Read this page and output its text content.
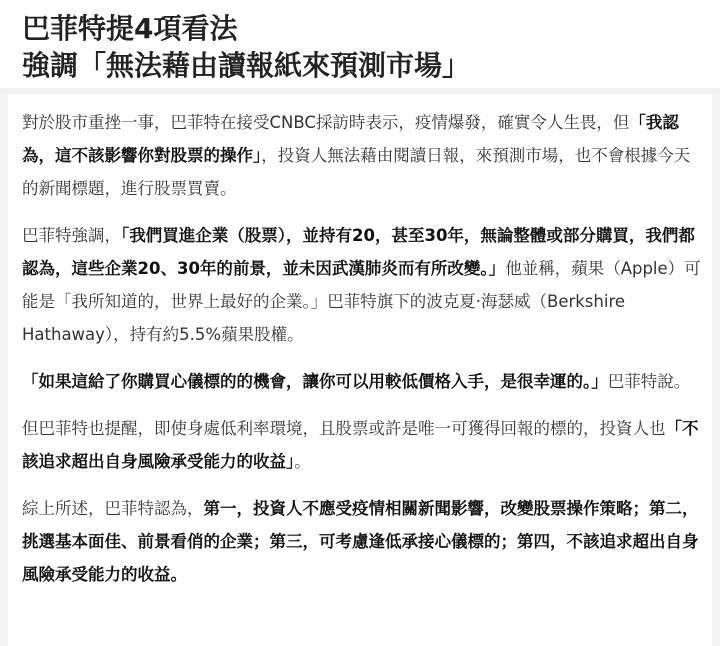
巴菲特提4項看法強調「無法藉由讀報紙來預測市場」

對於股市重挫一事，巴菲特在接受CNBC採訪時表示，疫情爆發，確實令人生畏，但「我認為，這不該影響你對股票的操作」，投資人無法藉由閱讀日報，來預測市場，也不會根據今天的新聞標題，進行股票買賣。

巴菲特強調，「我們買進企業（股票），並持有20，甚至30年，無論整體或部分購買，我們都認為，這些企業20、30年的前景，並未因武漢肺炎而有所改變。」他並稱，蘋果（Apple）可能是「我所知道的，世界上最好的企業。」巴菲特旗下的波克夏·海瑟威（Berkshire Hathaway），持有約5.5%蘋果股權。

「如果這給了你購買心儀標的的機會，讓你可以用較低價格入手，是很幸運的。」巴菲特說。

但巴菲特也提醒，即使身處低利率環境，且股票或許是唯一可獲得回報的標的，投資人也「不該追求超出自身風險承受能力的收益」。

綜上所述，巴菲特認為，第一，投資人不應受疫情相關新聞影響，改變股票操作策略；第二，挑選基本面佳、前景看俏的企業；第三，可考慮逢低承接心儀標的；第四，不該追求超出自身風險承受能力的收益。
